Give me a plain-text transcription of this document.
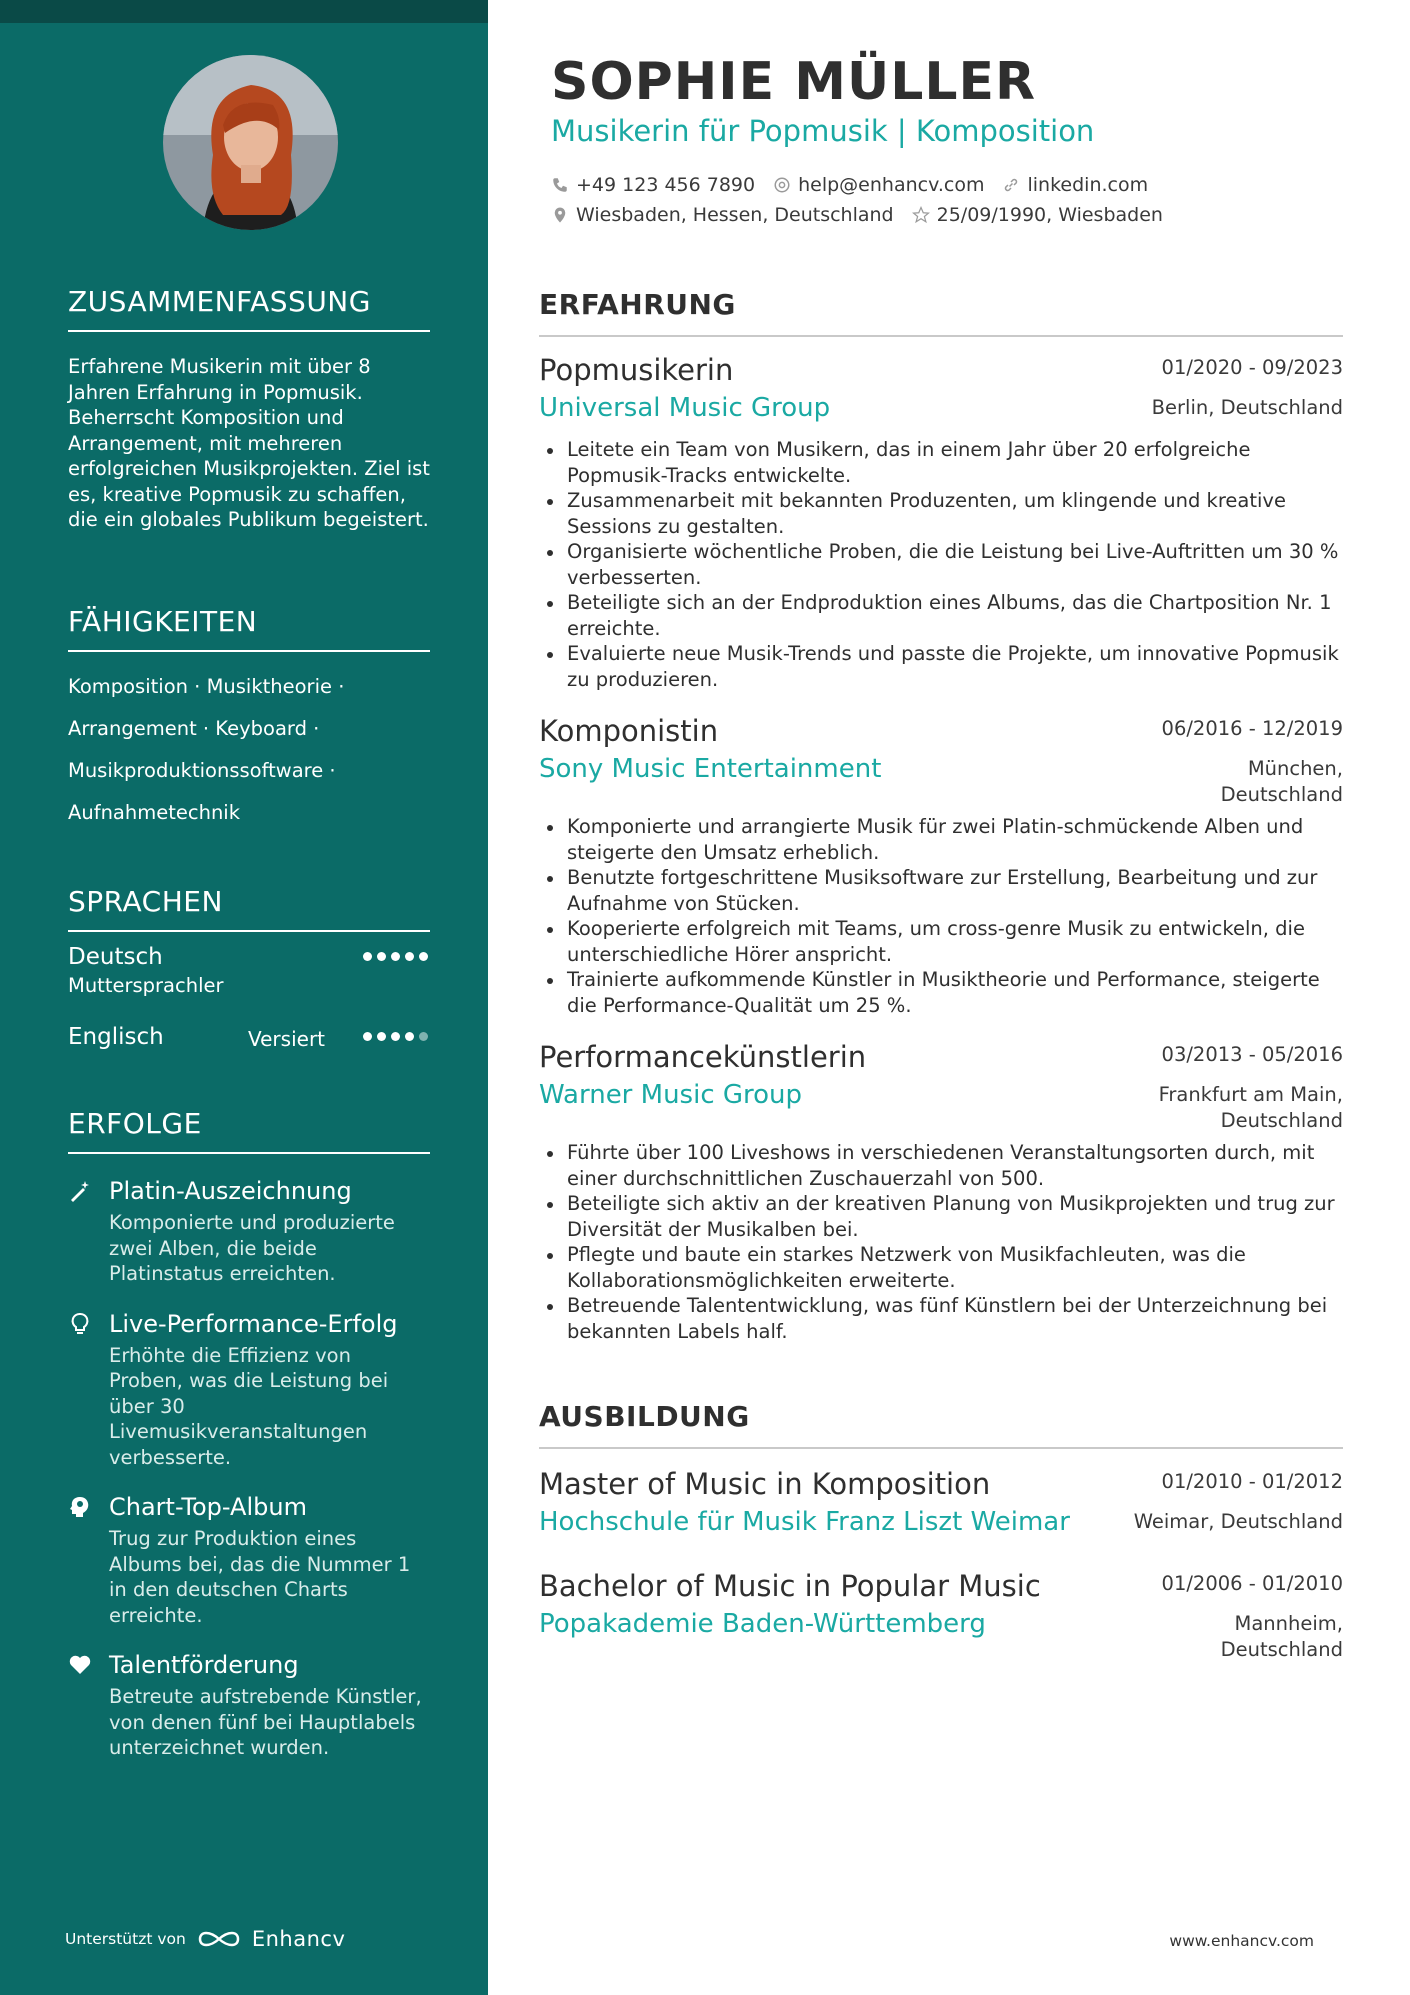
ZUSAMMENFASSUNG

Erfahrene Musikerin mit über 8 Jahren Erfahrung in Popmusik. Beherrscht Komposition und Arrangement, mit mehreren erfolgreichen Musikprojekten. Ziel ist es, kreative Popmusik zu schaffen, die ein globales Publikum begeistert.

FÄHIGKEITEN
Komposition · Musiktheorie ·
Arrangement · Keyboard ·
Musikproduktionssoftware ·
Aufnahmetechnik
SPRACHEN
Deutsch
Muttersprachler
Englisch	Versiert
ERFOLGE
Platin-Auszeichnung
Komponierte und produzierte zwei Alben, die beide Platinstatus erreichten.
Live-Performance-Erfolg
Erhöhte die Effizienz von Proben, was die Leistung bei über 30 Livemusikveranstaltungen verbesserte.
Chart-Top-Album
Trug zur Produktion eines Albums bei, das die Nummer 1 in den deutschen Charts erreichte.
Talentförderung
Betreute aufstrebende Künstler, von denen fünf bei Hauptlabels unterzeichnet wurden.
Unterstützt von	Enhancv
SOPHIE MÜLLER
Musikerin für Popmusik | Komposition
+49 123 456 7890 help@enhancv.com linkedin.com
Wiesbaden, Hessen, Deutschland 25/09/1990, Wiesbaden
ERFAHRUNG
Popmusikerin	01/2020 - 09/2023
Universal Music Group	Berlin, Deutschland
Leitete ein Team von Musikern, das in einem Jahr über 20 erfolgreiche Popmusik-Tracks entwickelte.
Zusammenarbeit mit bekannten Produzenten, um klingende und kreative Sessions zu gestalten.
Organisierte wöchentliche Proben, die die Leistung bei Live-Auftritten um 30 % verbesserten.
Beteiligte sich an der Endproduktion eines Albums, das die Chartposition Nr. 1 erreichte.
Evaluierte neue Musik-Trends und passte die Projekte, um innovative Popmusik zu produzieren.
Komponistin	06/2016 - 12/2019
Sony Music Entertainment	München, Deutschland
Komponierte und arrangierte Musik für zwei Platin-schmückende Alben und steigerte den Umsatz erheblich.
Benutzte fortgeschrittene Musiksoftware zur Erstellung, Bearbeitung und zur Aufnahme von Stücken.
Kooperierte erfolgreich mit Teams, um cross-genre Musik zu entwickeln, die unterschiedliche Hörer anspricht.
Trainierte aufkommende Künstler in Musiktheorie und Performance, steigerte die Performance-Qualität um 25 %.
Performancekünstlerin	03/2013 - 05/2016
Warner Music Group	Frankfurt am Main, Deutschland
Führte über 100 Liveshows in verschiedenen Veranstaltungsorten durch, mit einer durchschnittlichen Zuschauerzahl von 500.
Beteiligte sich aktiv an der kreativen Planung von Musikprojekten und trug zur Diversität der Musikalben bei.
Pflegte und baute ein starkes Netzwerk von Musikfachleuten, was die Kollaborationsmöglichkeiten erweiterte.
Betreuende Talententwicklung, was fünf Künstlern bei der Unterzeichnung bei bekannten Labels half.
AUSBILDUNG
Master of Music in Komposition	01/2010 - 01/2012
Hochschule für Musik Franz Liszt Weimar	Weimar, Deutschland
Bachelor of Music in Popular Music	01/2006 - 01/2010
Popakademie Baden-Württemberg	Mannheim, Deutschland
www.enhancv.com
